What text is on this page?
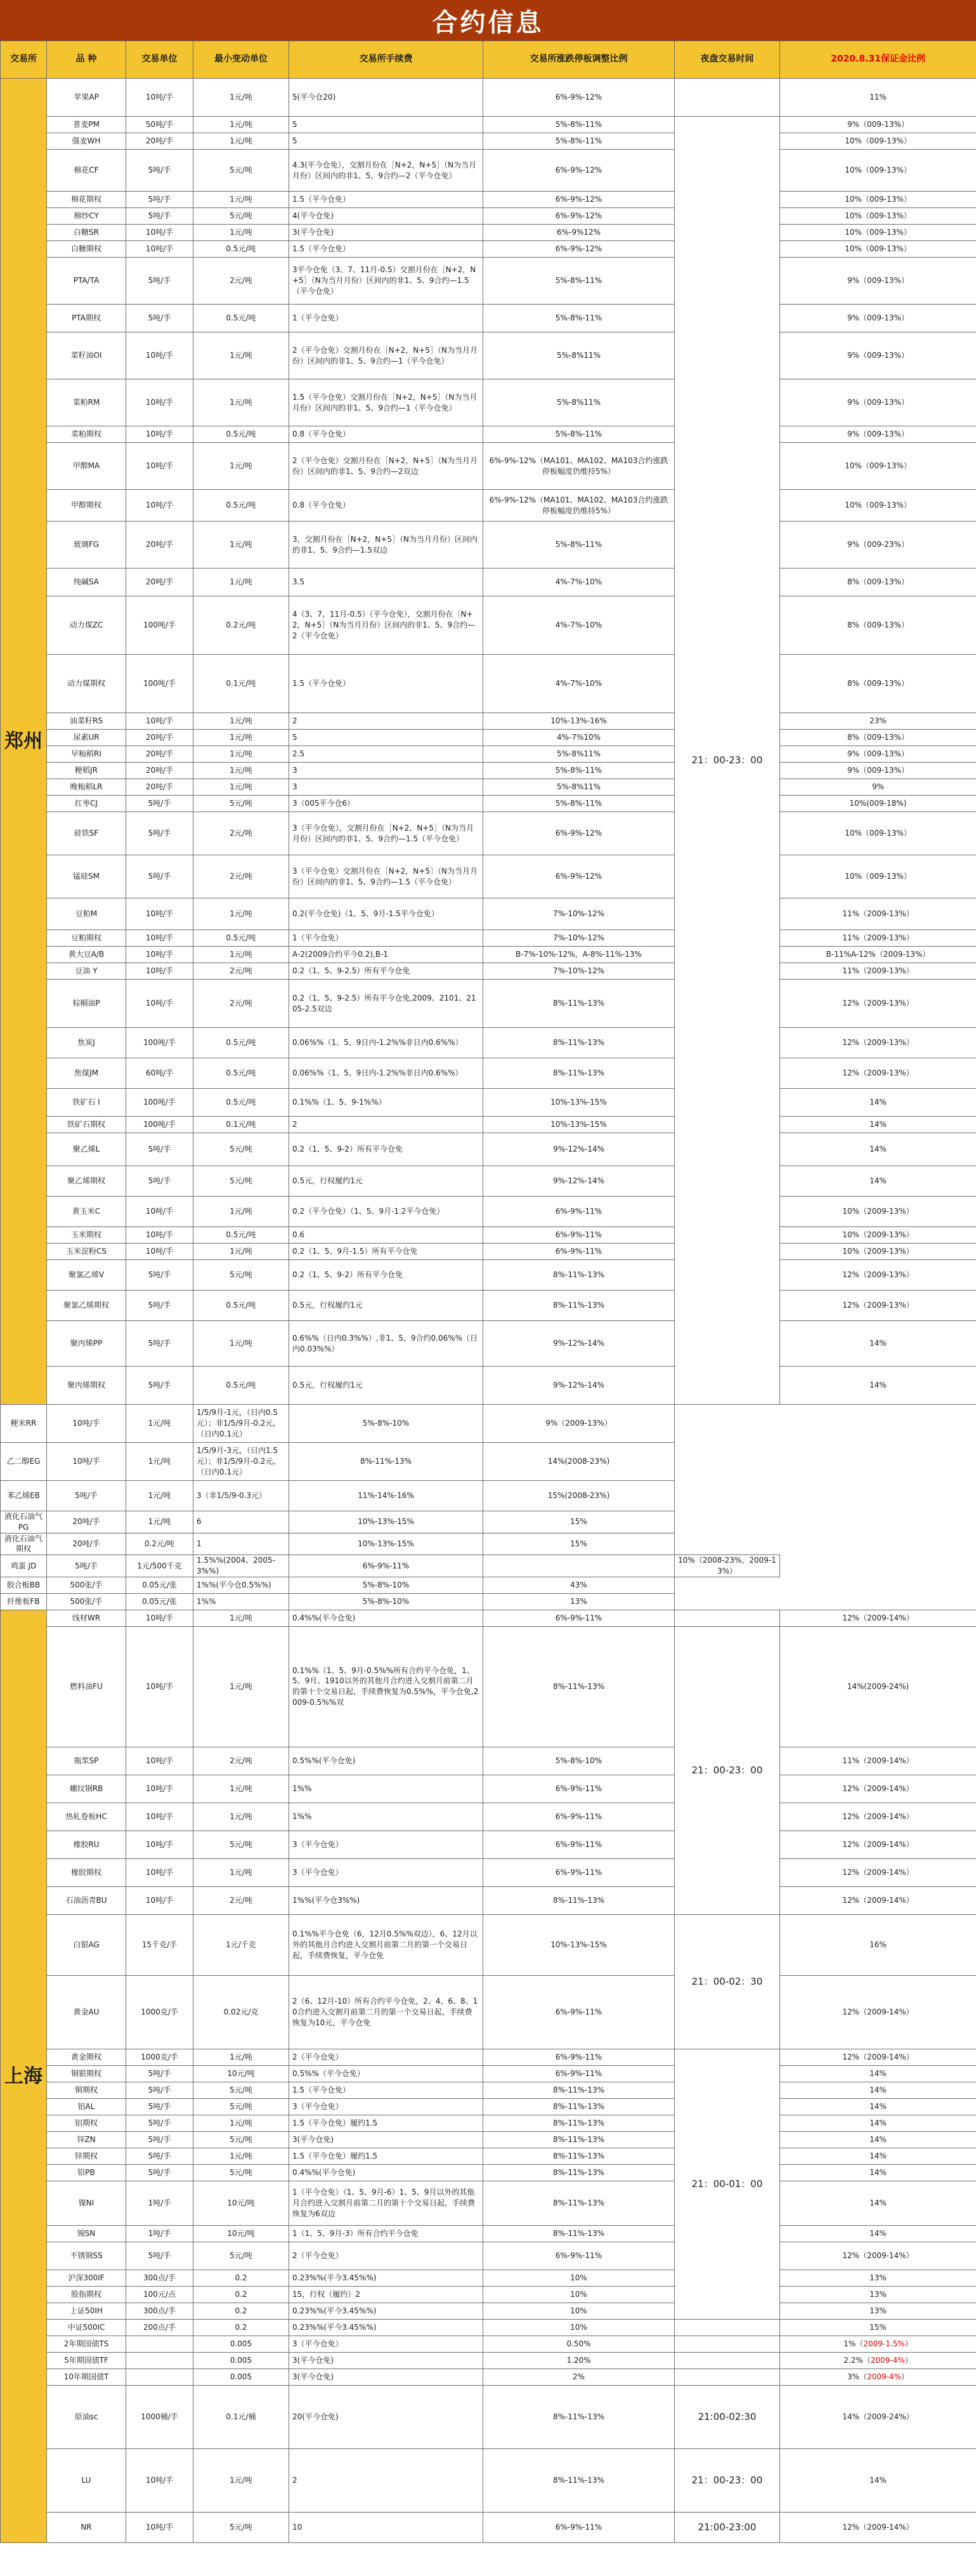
合约信息
交易所	品 种	交易单位	最小变动单位	交易所手续费	交易所涨跌停板调整比例	夜盘交易时间	2020.8.31保证金比例
郑州	苹果AP	10吨/手	1元/吨	5(平今仓20)	6%-9%-12%		11%
	普麦PM	50吨/手	1元/吨	5	5%-8%-11%	21：00-23：00	9%（009-13%）
	强麦WH	20吨/手	1元/吨	5	5%-8%-11%		10%（009-13%）
	棉花CF	5吨/手	5元/吨	4.3(平今仓免），交割月份在［N+2，N+5］（N为当月月份）区间内的非1、5、9合约—2（平今仓免）	6%-9%-12%		10%（009-13%）
	棉花期权	5吨/手	1元/吨	1.5（平今仓免）	6%-9%-12%		10%（009-13%）
	棉纱CY	5吨/手	5元/吨	4(平今仓免)	6%-9%-12%		10%（009-13%）
	白糖SR	10吨/手	1元/吨	3(平今仓免)	6%-9%12%		10%（009-13%）
	白糖期权	10吨/手	0.5元/吨	1.5（平今仓免）	6%-9%-12%		10%（009-13%）
	PTA/TA	5吨/手	2元/吨	3平今仓免（3、7、11月-0.5）交割月份在［N+2，N+5］（N为当月月份）区间内的非1、5、9合约—1.5（平今仓免）	5%-8%-11%		9%（009-13%）
	PTA期权	5吨/手	0.5元/吨	1（平今仓免）	5%-8%-11%		9%（009-13%）
	菜籽油OI	10吨/手	1元/吨	2（平今仓免）交割月份在［N+2，N+5］（N为当月月份）区间内的非1、5、9合约—1（平今仓免）	5%-8%11%		9%（009-13%）
	菜粕RM	10吨/手	1元/吨	1.5（平今仓免）交割月份在［N+2，N+5］（N为当月月份）区间内的非1、5、9合约—1（平今仓免）	5%-8%11%		9%（009-13%）
	菜粕期权	10吨/手	0.5元/吨	0.8（平今仓免）	5%-8%-11%		9%（009-13%）
	甲醇MA	10吨/手	1元/吨	2（平今仓免）交割月份在［N+2，N+5］（N为当月月份）区间内的非1、5、9合约—2双边	6%-9%-12%（MA101、MA102、MA103合约涨跌停板幅度仍维持5%）		10%（009-13%）
	甲醇期权	10吨/手	0.5元/吨	0.8（平今仓免）	6%-9%-12%（MA101、MA102、MA103合约涨跌停板幅度仍维持5%）		10%（009-13%）
	玻璃FG	20吨/手	1元/吨	3，交割月份在［N+2，N+5］（N为当月月份）区间内的非1、5、9合约—1.5双边	5%-8%-11%		9%（009-23%）
	纯碱SA	20吨/手	1元/吨	3.5	4%-7%-10%		8%（009-13%）
	动力煤ZC	100吨/手	0.2元/吨	4（3、7、11月-0.5）（平今仓免），交割月份在［N+2，N+5］（N为当月月份）区间内的非1、5、9合约—2（平今仓免）	4%-7%-10%		8%（009-13%）
	动力煤期权	100吨/手	0.1元/吨	1.5（平今仓免）	4%-7%-10%		8%（009-13%）
	油菜籽RS	10吨/手	1元/吨	2	10%-13%-16%		23%
	尿素UR	20吨/手	1元/吨	5	4%-7%10%		8%（009-13%）
	早籼稻RI	20吨/手	1元/吨	2.5	5%-8%11%		9%（009-13%）
	粳稻JR	20吨/手	1元/吨	3	5%-8%-11%		9%（009-13%）
	晚籼稻LR	20吨/手	1元/吨	3	5%-8%11%		9%
	红枣CJ	5吨/手	5元/吨	3（005平今仓6）	5%-8%-11%		10%(009-18%)
	硅铁SF	5吨/手	2元/吨	3（平今仓免），交割月份在［N+2，N+5］（N为当月月份）区间内的非1、5、9合约—1.5（平今仓免）	6%-9%-12%		10%（009-13%）
	锰硅SM	5吨/手	2元/吨	3（平今仓免）交割月份在［N+2，N+5］（N为当月月份）区间内的非1、5、9合约—1.5（平今仓免）	6%-9%-12%		10%（009-13%）
	豆粕M	10吨/手	1元/吨	0.2(平今仓免)（1、5、9月-1.5平今仓免）	7%-10%-12%		11%（2009-13%）
	豆粕期权	10吨/手	0.5元/吨	1（平今仓免）	7%-10%-12%		11%（2009-13%）
	黄大豆A/B	10吨/手	1元/吨	A-2(2009合约平今0.2),B-1	B-7%-10%-12%，A-8%-11%-13%		B-11%A-12%（2009-13%）
	豆油 Y	10吨/手	2元/吨	0.2（1、5、9-2.5）所有平今仓免	7%-10%-12%		11%（2009-13%）
	棕榈油P	10吨/手	2元/吨	0.2（1、5、9-2.5）所有平今仓免,2009、2101、2105-2.5双边	8%-11%-13%		12%（2009-13%）
	焦炭J	100吨/手	0.5元/吨	0.06%%（1、5、9日内-1.2%%非日内0.6%%）	8%-11%-13%		12%（2009-13%）
	焦煤JM	60吨/手	0.5元/吨	0.06%%（1、5、9日内-1.2%%非日内0.6%%）	8%-11%-13%		12%（2009-13%）
	铁矿石 I	100吨/手	0.5元/吨	0.1%%（1、5、9-1%%）	10%-13%-15%		14%
	铁矿石期权	100吨/手	0.1元/吨	2	10%-13%-15%		14%
	聚乙烯L	5吨/手	5元/吨	0.2（1、5、9-2）所有平今仓免	9%-12%-14%		14%
	聚乙烯期权	5吨/手	5元/吨	0.5元，行权履约1元	9%-12%-14%		14%
	黄玉米C	10吨/手	1元/吨	0.2（平今仓免）（1、5、9月-1.2平今仓免）	6%-9%-11%		10%（2009-13%）
	玉米期权	10吨/手	0.5元/吨	0.6	6%-9%-11%		10%（2009-13%）
	玉米淀粉CS	10吨/手	1元/吨	0.2（1、5、9月-1.5）所有平今仓免	6%-9%-11%		10%（2009-13%）
	聚氯乙烯V	5吨/手	5元/吨	0.2（1、5、9-2）所有平今仓免	8%-11%-13%		12%（2009-13%）
	聚氯乙烯期权	5吨/手	0.5元/吨	0.5元，行权履约1元	8%-11%-13%		12%（2009-13%）
	聚丙烯PP	5吨/手	1元/吨	0.6%%（日内0.3%%）,非1、5、9合约0.06%%（日内0.03%%）	9%-12%-14%		14%
	聚丙烯期权	5吨/手	0.5元/吨	0.5元，行权履约1元	9%-12%-14%		14%
粳米RR	10吨/手	1元/吨	1/5/9月-1元，（日内0.5元）；非1/5/9月-0.2元，（日内0.1元）	5%-8%-10%	9%（2009-13%）		
乙二醇EG	10吨/手	1元/吨	1/5/9月-3元，（日内1.5元）；非1/5/9月-0.2元，（日内0.1元）	8%-11%-13%	14%(2008-23%)		
苯乙烯EB	5吨/手	1元/吨	3（非1/5/9-0.3元）	11%-14%-16%	15%(2008-23%)		
液化石油气PG	20吨/手	1元/吨	6	10%-13%-15%	15%		
液化石油气期权	20吨/手	0.2元/吨	1	10%-13%-15%	15%		
鸡蛋 JD	5吨/手	1元/500千克	1.5%%(2004、2005-3%%)	6%-9%-11%		10%（2008-23%，2009-13%）	
胶合板BB	500张/手	0.05元/张	1%%(平今仓0.5%%)	5%-8%-10%	43%		
纤维板FB	500张/手	0.05元/张	1%%	5%-8%-10%	13%		
上海	线材WR	10吨/手	1元/吨	0.4%%(平今仓免)	6%-9%-11%		12%（2009-14%）
	燃料油FU	10吨/手	1元/吨	0.1%%（1、5、9月-0.5%%所有合约平今仓免，1、5、9月、1910以外的其他月合约进入交割月前第二月的第十个交易日起，手续费恢复为0.5%%，平今仓免,2009-0.5%%双	8%-11%-13%	21：00-23：00	14%(2009-24%)
	瓶浆SP	10吨/手	2元/吨	0.5%%(平今仓免)	5%-8%-10%		11%（2009-14%）
	螺纹钢RB	10吨/手	1元/吨	1%%	6%-9%-11%		12%（2009-14%）
	热轧卷板HC	10吨/手	1元/吨	1%%	6%-9%-11%		12%（2009-14%）
	橡胶RU	10吨/手	5元/吨	3（平今仓免）	6%-9%-11%		12%（2009-14%）
	橡胶期权	10吨/手	1元/吨	3（平今仓免）	6%-9%-11%		12%（2009-14%）
	石油沥青BU	10吨/手	2元/吨	1%%(平今仓3%%)	8%-11%-13%		12%（2009-14%）
	白银AG	15千克/手	1元/千克	0.1%%平今仓免（6，12月0.5%%双边），6、12月以外的其他月合约进入交割月前第二月的第一个交易日起，手续费恢复，平今仓免	10%-13%-15%	21：00-02：30	16%
	黄金AU	1000克/手	0.02元/克	2（6、12月-10）所有合约平今仓免，2、4、6、8、10合约进入交割月前第二月的第一个交易日起，手续费恢复为10元，平今仓免	6%-9%-11%		12%（2009-14%）
	黄金期权	1000克/手	1元/吨	2（平今仓免）	6%-9%-11%	21：00-01：00	12%（2009-14%）
	铜银期权	5吨/手	10元/吨	0.5%%（平今仓免）	6%-9%-11%		14%
	铜期权	5吨/手	5元/吨	1.5（平今仓免）	8%-11%-13%		14%
	铝AL	5吨/手	5元/吨	3（平今仓免）	8%-11%-13%		14%
	铝期权	5吨/手	1元/吨	1.5（平今仓免）履约1.5	8%-11%-13%		14%
	锌ZN	5吨/手	5元/吨	3(平今仓免)	8%-11%-13%		14%
	锌期权	5吨/手	1元/吨	1.5（平今仓免）履约1.5	8%-11%-13%		14%
	铅PB	5吨/手	5元/吨	0.4%%(平今仓免)	8%-11%-13%		14%
	镍NI	1吨/手	10元/吨	1（平今仓免）（1、5、9月-6）1、5、9月以外的其他月合约进入交割月前第二月的第十个交易日起，手续费恢复为6双边	8%-11%-13%		14%
	锡SN	1吨/手	10元/吨	1（1、5、9月-3）所有合约平今仓免	8%-11%-13%		14%
	不锈钢SS	5吨/手	5元/吨	2（平今仓免）	6%-9%-11%		12%（2009-14%）
	沪深300IF	300点/手	0.2	0.23%%(平今3.45%%)	10%		13%
	股指期权	100元/点	0.2	15，行权（履约）2	10%		13%
	上证50IH	300点/手	0.2	0.23%%(平今3.45%%)	10%		13%
	中证500IC	200点/手	0.2	0.23%%(平今3.45%%)	10%		15%
	2年期国债TS		0.005	3（平今仓免）	0.50%		1%（2009-1.5%）
	5年期国债TF		0.005	3(平今仓免)	1.20%		2.2%（2009-4%）
	10年期国债T		0.005	3(平今仓免)	2%		3%（2009-4%）
	原油sc	1000桶/手	0.1元/桶	20(平今仓免)	8%-11%-13%	21:00-02:30	14%（2009-24%）
	LU	10吨/手	1元/吨	2	8%-11%-13%	21：00-23：00	14%
	NR	10吨/手	5元/吨	10	6%-9%-11%	21:00-23:00	12%（2009-14%）
